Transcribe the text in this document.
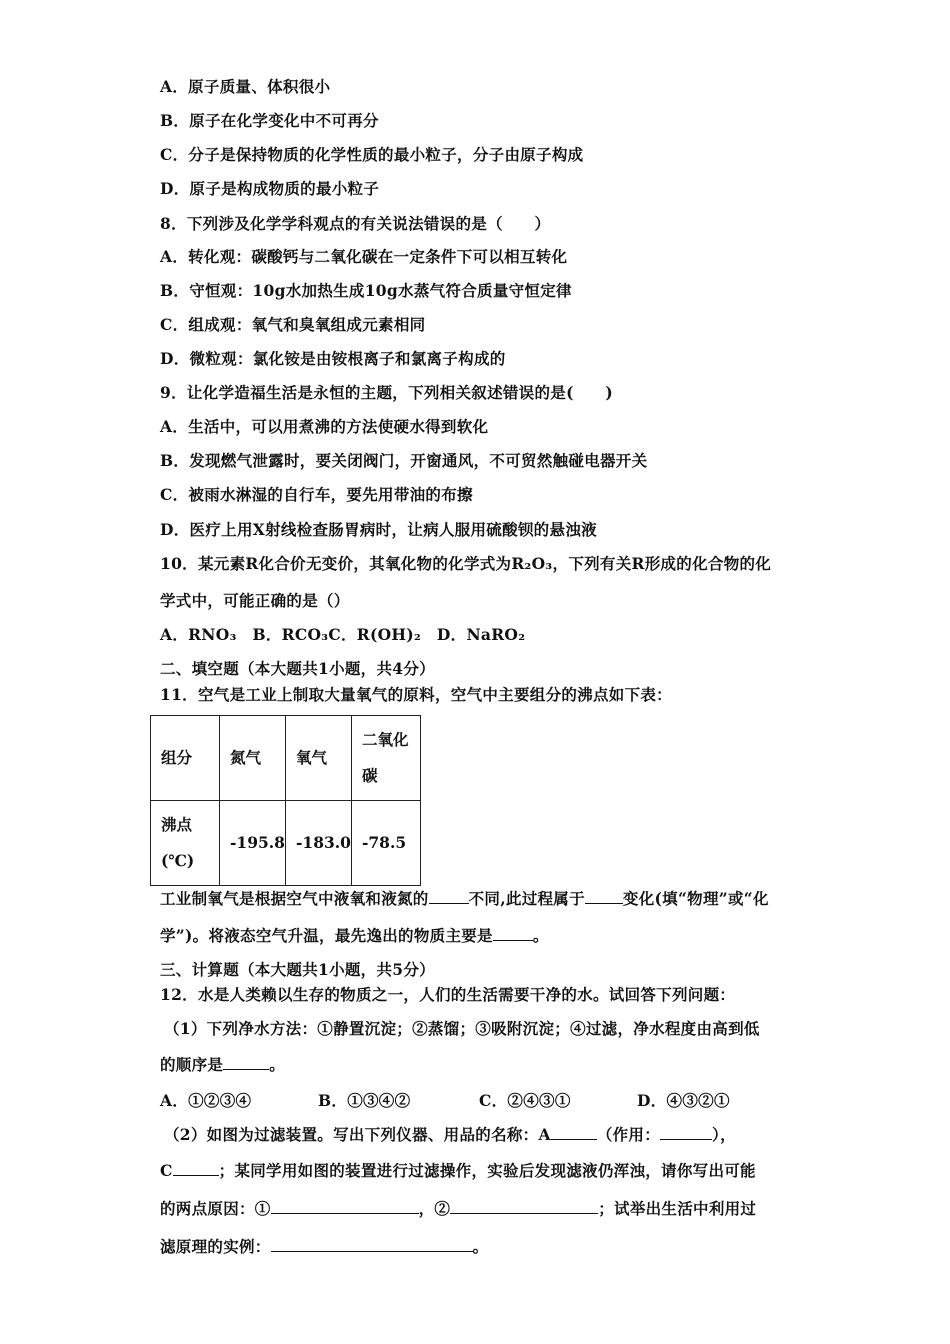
A．原子质量、体积很小
B．原子在化学变化中不可再分
C．分子是保持物质的化学性质的最小粒子，分子由原子构成
D．原子是构成物质的最小粒子
8．下列涉及化学学科观点的有关说法错误的是（　　）
A．转化观：碳酸钙与二氧化碳在一定条件下可以相互转化
B．守恒观：10g水加热生成10g水蒸气符合质量守恒定律
C．组成观：氧气和臭氧组成元素相同
D．微粒观：氯化铵是由铵根离子和氯离子构成的
9．让化学造福生活是永恒的主题，下列相关叙述错误的是(　　)
A．生活中，可以用煮沸的方法使硬水得到软化
B．发现燃气泄露时，要关闭阀门，开窗通风，不可贸然触碰电器开关
C．被雨水淋湿的自行车，要先用带油的布擦
D．医疗上用X射线检查肠胃病时，让病人服用硫酸钡的悬浊液
10．某元素R化合价无变价，其氧化物的化学式为R₂O₃，下列有关R形成的化合物的化
学式中，可能正确的是（）
A．RNO₃　B．RCO₃C．R(OH)₂　D．NaRO₂
二、填空题（本大题共1小题，共4分）
11．空气是工业上制取大量氧气的原料，空气中主要组分的沸点如下表：
组分	氮气	氧气	二氧化碳
沸点(℃)	-195.8	-183.0	-78.5
工业制氧气是根据空气中液氧和液氮的	不同,此过程属于 变化(填“物理”或“化
学”)。将液态空气升温，最先逸出的物质主要是	。
三、计算题（本大题共1小题，共5分）
12．水是人类赖以生存的物质之一，人们的生活需要干净的水。试回答下列问题：
（1）下列净水方法：①静置沉淀；②蒸馏；③吸附沉淀；④过滤，净水程度由高到低
的顺序是	。
A．①②③④	B．①③④②	C．②④③①	D．④③②①
（2）如图为过滤装置。写出下列仪器、用品的名称：A	（作用：	），
C	；某同学用如图的装置进行过滤操作，实验后发现滤液仍浑浊，请你写出可能
的两点原因：①	，②	；试举出生活中利用过
滤原理的实例：	。
